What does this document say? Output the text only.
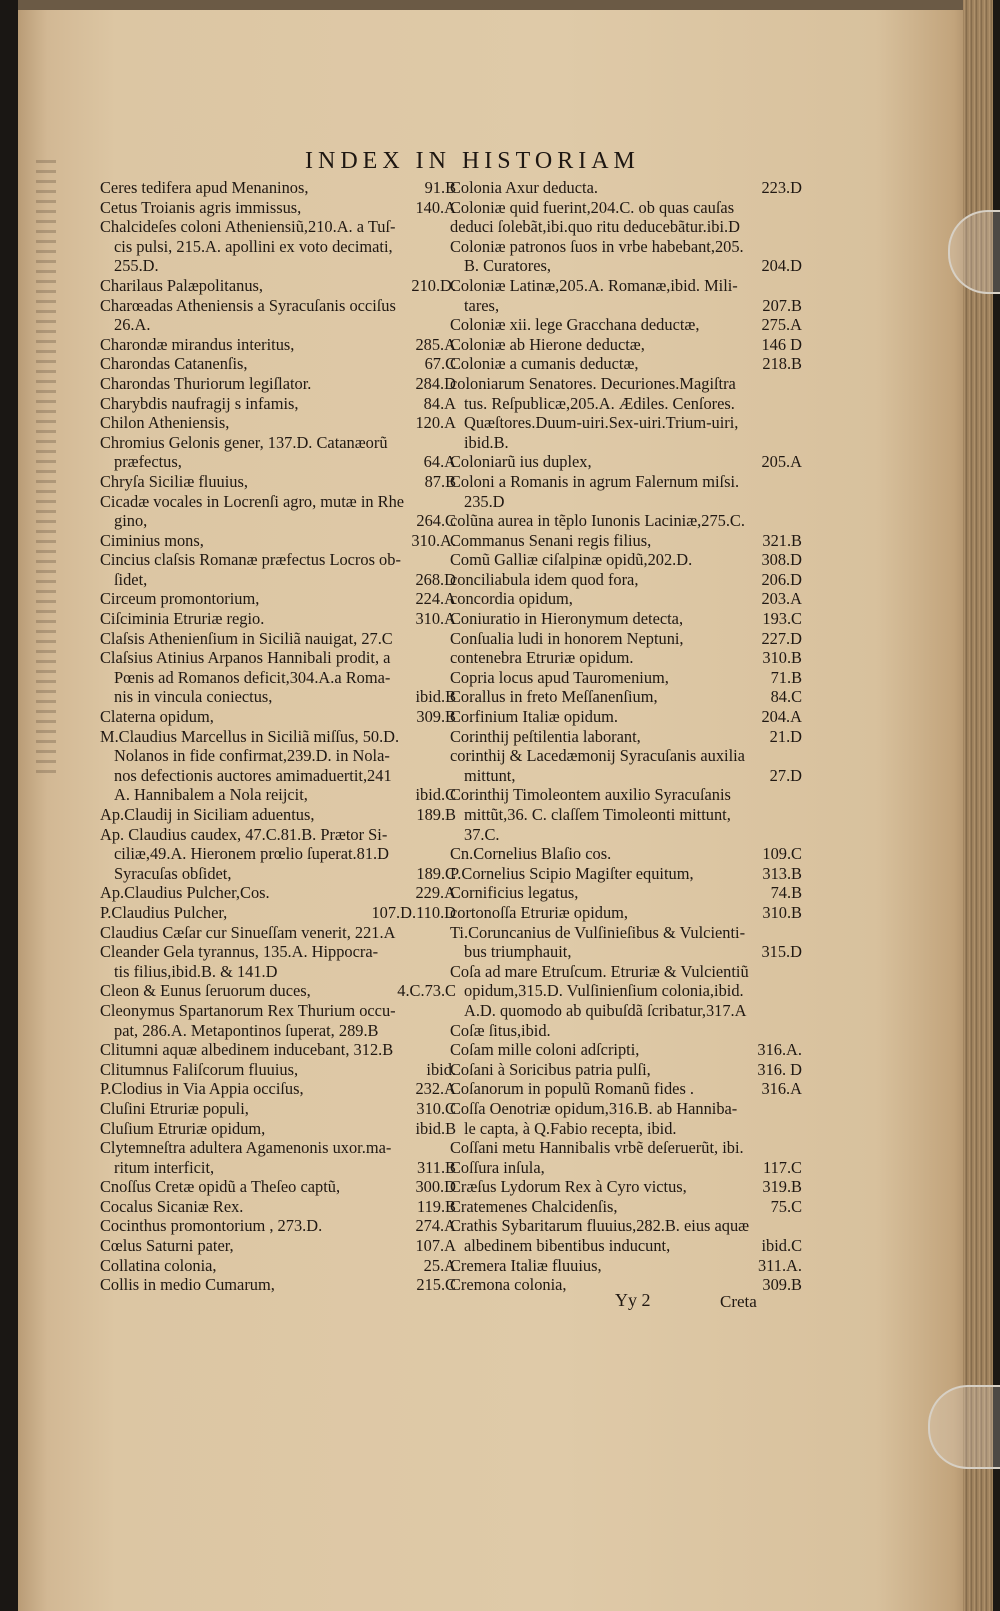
INDEX IN HISTORIAM
Ceres tedifera apud Menaninos,	91.B
Cetus Troianis agris immissus,	140.A
Chalcideſes coloni Atheniensiũ,210.A. a Tuſ-
cis pulsi, 215.A. apollini ex voto decimati,
255.D.
Charilaus Palæpolitanus,	210.D.
Charœadas Atheniensis a Syracuſanis occiſus
26.A.
Charondæ mirandus interitus,	285.A
Charondas Catanenſis,	67.C
Charondas Thuriorum legiſlator.	284.D
Charybdis naufragij s infamis,	84.A
Chilon Atheniensis,	120.A
Chromius Gelonis gener, 137.D. Catanæorũ
præfectus,	64.A
Chryſa Siciliæ fluuius,	87.B
Cicadæ vocales in Locrenſi agro, mutæ in Rhe
gino,	264.C
Ciminius mons,	310.A.
Cincius claſsis Romanæ præfectus Locros ob-
ſidet,	268.D
Circeum promontorium,	224.A
Ciſciminia Etruriæ regio.	310.A
Claſsis Athenienſium in Siciliã nauigat, 27.C
Claſsius Atinius Arpanos Hannibali prodit, a
Pœnis ad Romanos deficit,304.A.a Roma-
nis in vincula coniectus,	ibid.B
Claterna opidum,	309.B
M.Claudius Marcellus in Siciliã miſſus, 50.D.
Nolanos in fide confirmat,239.D. in Nola-
nos defectionis auctores amimaduertit,241
A. Hannibalem a Nola reijcit,	ibid.C
Ap.Claudij in Siciliam aduentus,	189.B
Ap. Claudius caudex, 47.C.81.B. Prætor Si-
ciliæ,49.A. Hieronem prœlio ſuperat.81.D
Syracuſas obſidet,	189.C
Ap.Claudius Pulcher,Cos.	229.A
P.Claudius Pulcher,	107.D.110.D
Claudius Cæſar cur Sinueſſam venerit, 221.A
Cleander Gela tyrannus, 135.A. Hippocra-
tis filius,ibid.B. & 141.D
Cleon & Eunus ſeruorum duces,	4.C.73.C
Cleonymus Spartanorum Rex Thurium occu-
pat, 286.A. Metapontinos ſuperat, 289.B
Clitumni aquæ albedinem inducebant, 312.B
Clitumnus Faliſcorum fluuius,	ibid.
P.Clodius in Via Appia occiſus,	232.A
Cluſini Etruriæ populi,	310.C
Cluſium Etruriæ opidum,	ibid.B
Clytemneſtra adultera Agamenonis uxor.ma-
ritum interficit,	311.B
Cnoſſus Cretæ opidũ a Theſeo captũ,	300.D
Cocalus Sicaniæ Rex.	119.B
Cocinthus promontorium , 273.D.	274.A
Cœlus Saturni pater,	107.A
Collatina colonia,	25.A
Collis in medio Cumarum,	215.C
Colonia Axur deducta.	223.D
Coloniæ quid fuerint,204.C. ob quas cauſas
deduci ſolebãt,ibi.quo ritu deducebãtur.ibi.D
Coloniæ patronos ſuos in vrbe habebant,205.
B. Curatores,	204.D
Coloniæ Latinæ,205.A. Romanæ,ibid. Mili-
tares,	207.B
Coloniæ xii. lege Gracchana deductæ,	275.A
Coloniæ ab Hierone deductæ,	146 D
Coloniæ a cumanis deductæ,	218.B
coloniarum Senatores. Decuriones.Magiſtra
tus. Reſpublicæ,205.A. Ædiles. Cenſores.
Quæſtores.Duum-uiri.Sex-uiri.Trium-uiri,
ibid.B.
Coloniarũ ius duplex,	205.A
Coloni a Romanis in agrum Falernum miſsi.
235.D
colũna aurea in tẽplo Iunonis Laciniæ,275.C.
Commanus Senani regis filius,	321.B
Comũ Galliæ ciſalpinæ opidũ,202.D.	308.D
conciliabula idem quod fora,	206.D
concordia opidum,	203.A
Coniuratio in Hieronymum detecta,	193.C
Conſualia ludi in honorem Neptuni,	227.D
contenebra Etruriæ opidum.	310.B
Copria locus apud Tauromenium,	71.B
Corallus in freto Meſſanenſium,	84.C
Corfinium Italiæ opidum.	204.A
Corinthij peſtilentia laborant,	21.D
corinthij & Lacedæmonij Syracuſanis auxilia
mittunt,	27.D
Corinthij Timoleontem auxilio Syracuſanis
mittũt,36. C. claſſem Timoleonti mittunt,
37.C.
Cn.Cornelius Blaſio cos.	109.C
P.Cornelius Scipio Magiſter equitum,	313.B
Cornificius legatus,	74.B
cortonoſſa Etruriæ opidum,	310.B
Ti.Coruncanius de Vulſinieſibus & Vulcienti-
bus triumphauit,	315.D
Coſa ad mare Etruſcum. Etruriæ & Vulcientiũ
opidum,315.D. Vulſinienſium colonia,ibid.
A.D. quomodo ab quibuſdã ſcribatur,317.A
Coſæ ſitus,ibid.
Coſam mille coloni adſcripti,	316.A.
Coſani à Soricibus patria pulſi,	316. D
Coſanorum in populũ Romanũ fides .	316.A
Coſſa Oenotriæ opidum,316.B. ab Hanniba-
le capta, à Q.Fabio recepta, ibid.
Coſſani metu Hannibalis vrbẽ deſeruerũt, ibi.
Coſſura inſula,	117.C
Cræſus Lydorum Rex à Cyro victus,	319.B
Cratemenes Chalcidenſis,	75.C
Crathis Sybaritarum fluuius,282.B. eius aquæ
albedinem bibentibus inducunt,	ibid.C
Cremera Italiæ fluuius,	311.A.
Cremona colonia,	309.B
Yy 2	Creta
